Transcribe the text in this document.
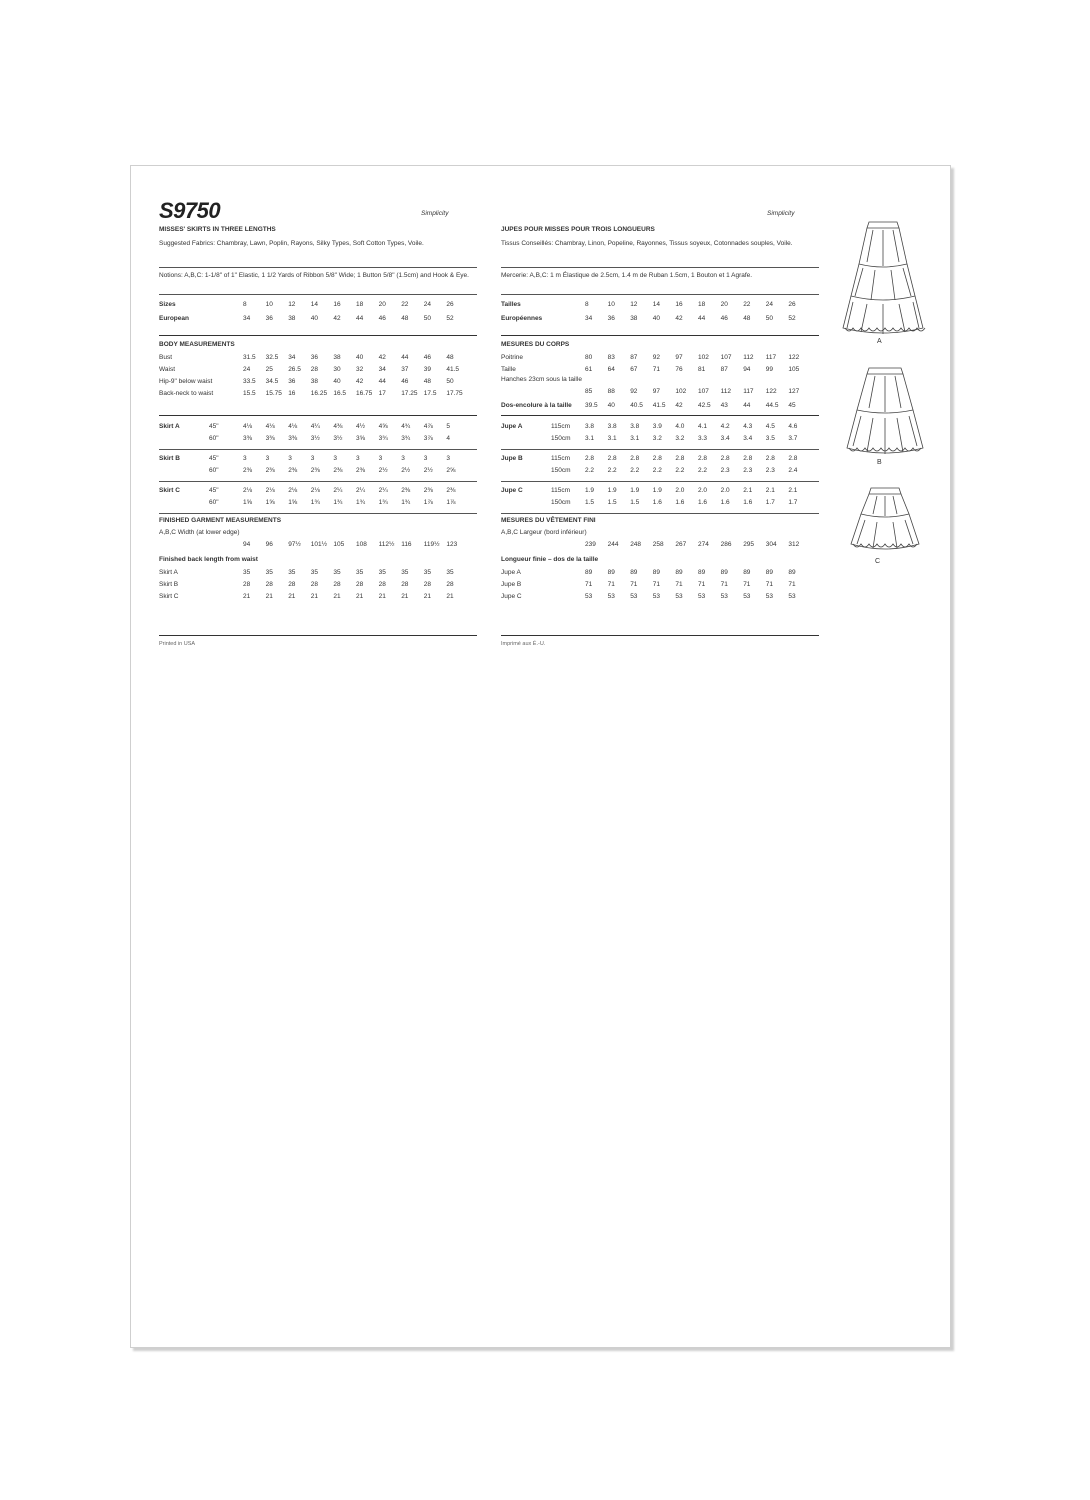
S9750	Simplicity	Simplicity
MISSES' SKIRTS IN THREE LENGTHS
Suggested Fabrics: Chambray, Lawn, Poplin, Rayons, Silky Types, Soft Cotton Types, Voile.
Notions: A,B,C: 1-1/8" of 1" Elastic, 1 1/2 Yards of Ribbon 5/8" Wide; 1 Button 5/8" (1.5cm) and Hook & Eye.
Sizes	8	10 12 14 16 18 20 22 24 26
European	34 36 38 40 42 44 46 48 50 52
BODY MEASUREMENTS
Bust	31.5 32.5 34 36 38 40 42 44 46 48
Waist	24 25 26.5 28 30 32 34 37 39 41.5
Hip-9" below waist	33.5 34.5 36 38 40 42 44 46 48 50
Back-neck to waist	15.5 15.75 16 16.25 16.5 16.75 17 17.25 17.5 17.75
Skirt A	45"	4⅛ 4⅛ 4⅛ 4¼ 4⅜ 4½ 4⅝ 4¾ 4⅞ 5
60"	3⅜ 3⅜ 3⅜ 3½ 3½ 3⅝ 3¾ 3¾ 3⅞ 4
Skirt B	45"	3	3	3	3	3	3	3	3	3	3
60"	2⅜ 2⅜ 2⅜ 2⅜ 2⅜ 2⅜ 2½ 2½ 2½ 2⅝
Skirt C	45"	2⅛ 2⅛ 2⅛ 2⅛ 2¼ 2¼ 2¼ 2⅜ 2⅜ 2⅜
60"	1⅝ 1⅝ 1⅝ 1¾ 1¾ 1¾ 1¾ 1¾ 1⅞ 1⅞
FINISHED GARMENT MEASUREMENTS
A,B,C Width (at lower edge)
94 96 97½ 101½ 105 108 112½ 116 119½ 123
Finished back length from waist
Skirt A	35 35 35 35 35 35 35 35 35 35
Skirt B	28 28 28 28 28 28 28 28 28 28
Skirt C	21 21 21 21 21 21 21 21 21 21
Printed in USA
JUPES POUR MISSES POUR TROIS LONGUEURS
Tissus Conseillés: Chambray, Linon, Popeline, Rayonnes, Tissus soyeux, Cotonnades souples, Voile.
Mercerie: A,B,C: 1 m Élastique de 2.5cm, 1.4 m de Ruban 1.5cm, 1 Bouton et 1 Agrafe.
Tailles	8	10 12 14 16 18 20 22 24 26
Européennes	34 36 38 40 42 44 46 48 50 52
MESURES DU CORPS
Poitrine	80 83 87 92 97 102 107 112 117 122
Taille	61 64 67 71 76 81 87 94 99 105
Hanches 23cm sous la taille
85 88 92 97 102 107 112 117 122 127
Dos-encolure à la taille 39.5 40 40.5 41.5 42 42.5 43 44 44.5 45
Jupe A	115cm 3.8 3.8 3.8 3.9 4.0 4.1 4.2 4.3 4.5 4.6
150cm 3.1 3.1 3.1 3.2 3.2 3.3 3.4 3.4 3.5 3.7
Jupe B	115cm 2.8 2.8 2.8 2.8 2.8 2.8 2.8 2.8 2.8 2.8
150cm 2.2 2.2 2.2 2.2 2.2 2.2 2.3 2.3 2.3 2.4
Jupe C	115cm 1.9 1.9 1.9 1.9 2.0 2.0 2.0 2.1 2.1 2.1
150cm 1.5 1.5 1.5 1.6 1.6 1.6 1.6 1.6 1.7 1.7
MESURES DU VÊTEMENT FINI
A,B,C Largeur (bord inférieur)
239 244 248 258 267 274 286 295 304 312
Longueur finie – dos de la taille
Jupe A	89 89 89 89 89 89 89 89 89 89
Jupe B	71 71 71 71 71 71 71 71 71 71
Jupe C	53 53 53 53 53 53 53 53 53 53
Imprimé aux É.-U.
A
B
C
